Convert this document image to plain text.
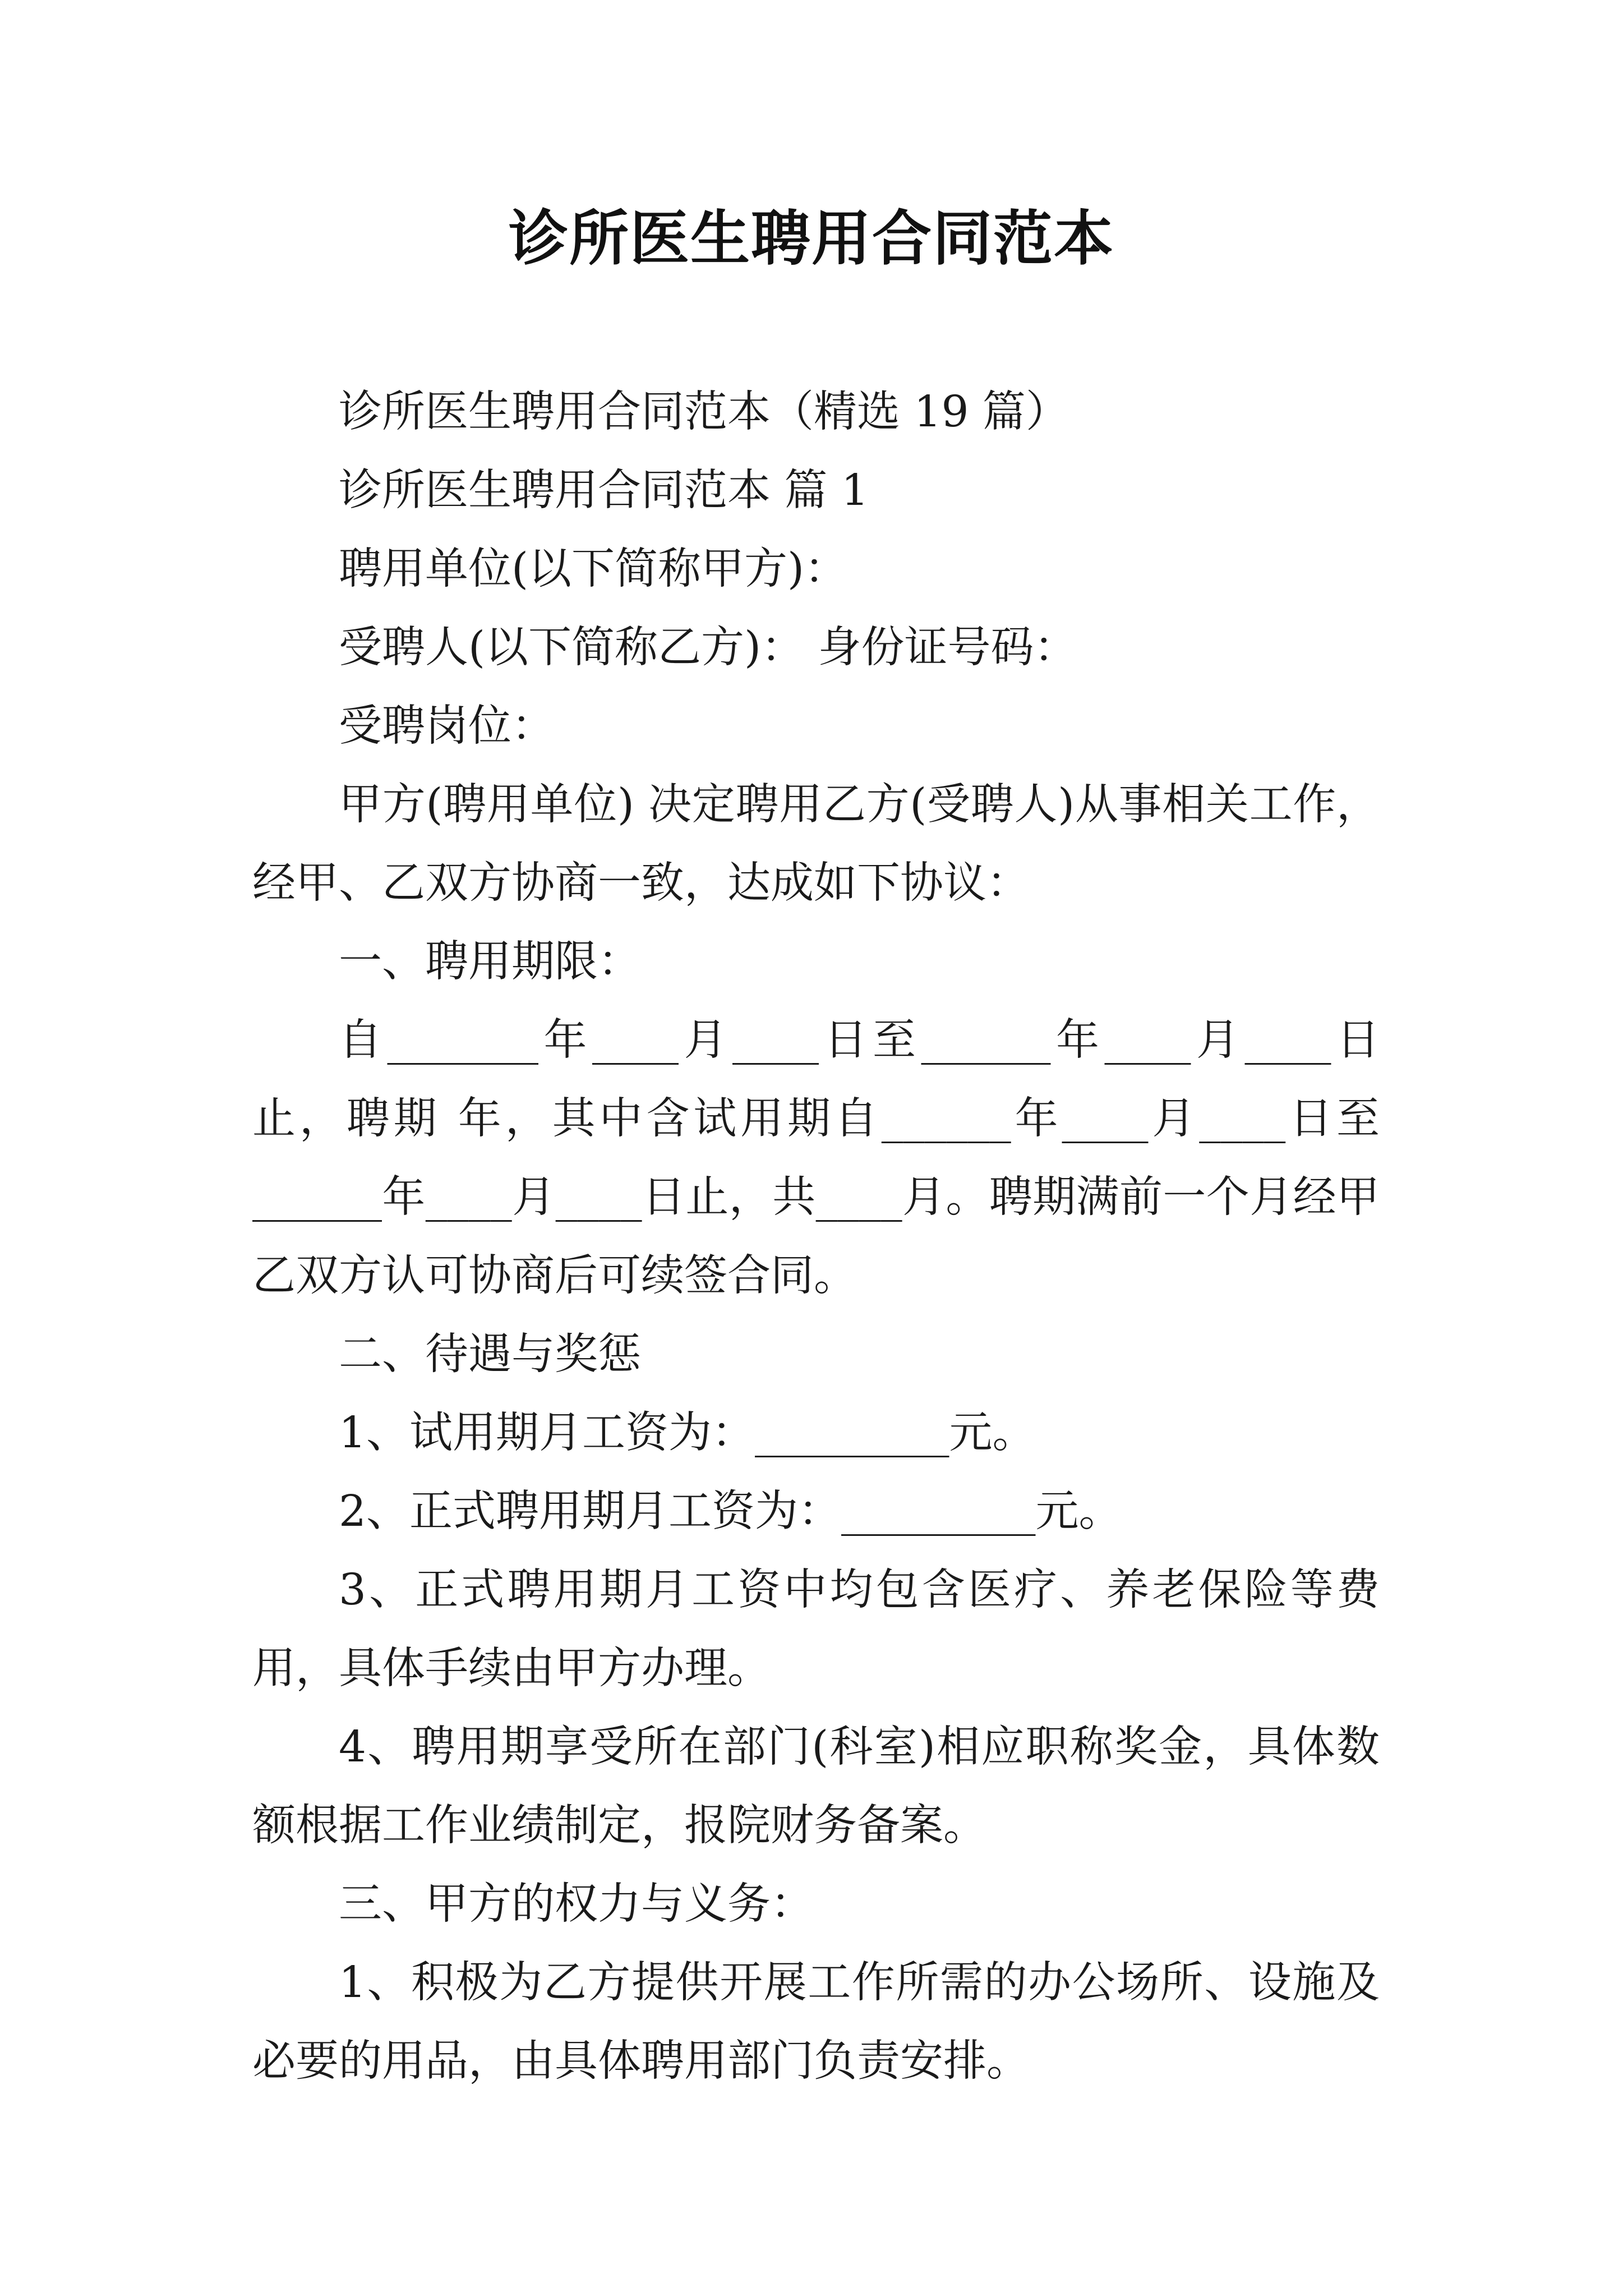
诊所医生聘用合同范本

诊所医生聘用合同范本（精选 19 篇）

诊所医生聘用合同范本 篇 1

聘用单位(以下简称甲方)：

受聘人(以下简称乙方)： 身份证号码：

受聘岗位：

甲方(聘用单位) 决定聘用乙方(受聘人)从事相关工作，经甲、乙双方协商一致，达成如下协议：

一、聘用期限：

自_______年____月____日至______年____月____日止，聘期 年，其中含试用期自______年____月____日至______年____月____日止，共____月。聘期满前一个月经甲乙双方认可协商后可续签合同。

二、待遇与奖惩

1、试用期月工资为：_________元。

2、正式聘用期月工资为：_________元。

3、正式聘用期月工资中均包含医疗、养老保险等费用，具体手续由甲方办理。

4、聘用期享受所在部门(科室)相应职称奖金，具体数额根据工作业绩制定，报院财务备案。

三、甲方的权力与义务：

1、积极为乙方提供开展工作所需的办公场所、设施及必要的用品，由具体聘用部门负责安排。
